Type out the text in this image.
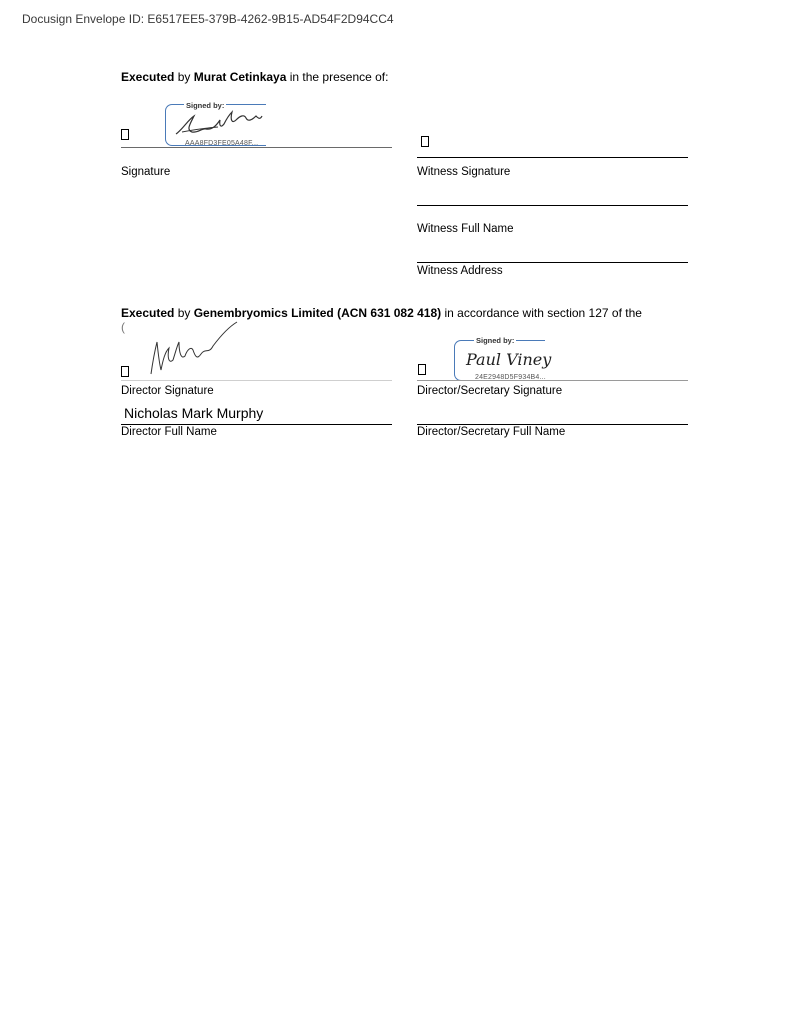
Docusign Envelope ID: E6517EE5-379B-4262-9B15-AD54F2D94CC4
Executed by Murat Cetinkaya in the presence of:
Signed by:
AAA8FD3FE05A48F...
Signature	Witness Signature
Witness Full Name
Witness Address
Executed by Genembryomics Limited (ACN 631 082 418) in accordance with section 127 of the
(
Director Signature
Nicholas Mark Murphy
Director Full Name
Signed by:
Paul Viney
24E2948D5F934B4...
Director/Secretary Signature
Director/Secretary Full Name
